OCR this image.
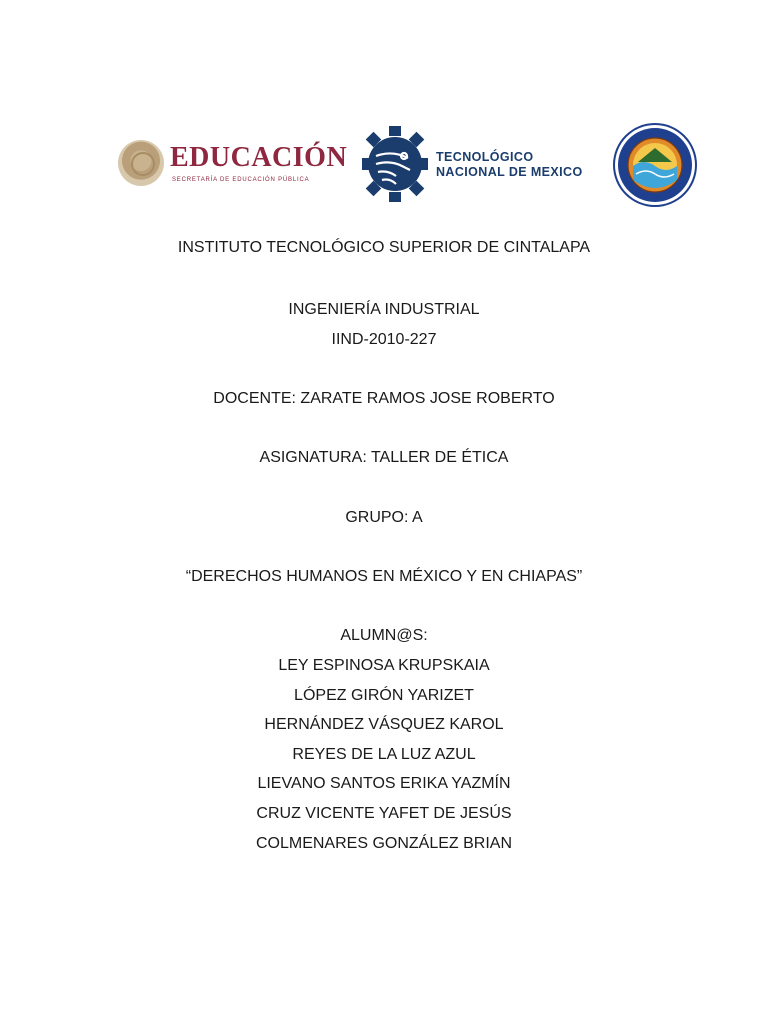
EDUCACIÓN
SECRETARÍA DE EDUCACIÓN PÚBLICA
TECNOLÓGICO
NACIONAL DE MEXICO
INSTITUTO TECNOLÓGICO SUPERIOR DE CINTALAPA
INGENIERÍA INDUSTRIAL
IIND-2010-227
DOCENTE: ZARATE RAMOS JOSE ROBERTO
ASIGNATURA: TALLER DE ÉTICA
GRUPO: A
“DERECHOS HUMANOS EN MÉXICO Y EN CHIAPAS”
ALUMN@S:
LEY ESPINOSA KRUPSKAIA
LÓPEZ GIRÓN YARIZET
HERNÁNDEZ VÁSQUEZ KAROL
REYES DE LA LUZ AZUL
LIEVANO SANTOS ERIKA YAZMÍN
CRUZ VICENTE YAFET DE JESÚS
COLMENARES GONZÁLEZ BRIAN
